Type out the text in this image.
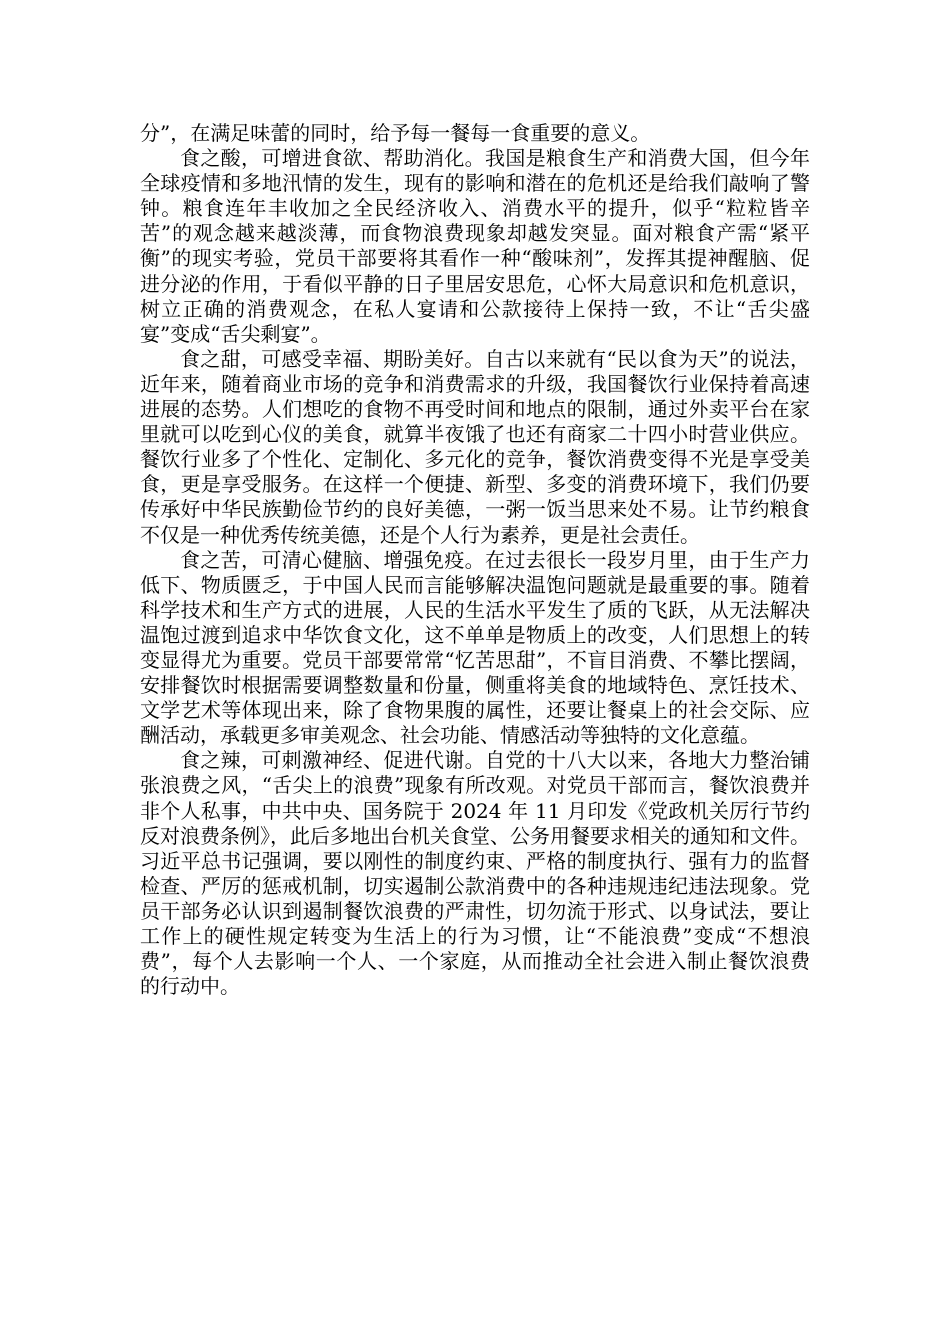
分”，在满足味蕾的同时，给予每一餐每一食重要的意义。

食之酸，可增进食欲、帮助消化。我国是粮食生产和消费大国，但今年全球疫情和多地汛情的发生，现有的影响和潜在的危机还是给我们敲响了警钟。粮食连年丰收加之全民经济收入、消费水平的提升，似乎“粒粒皆辛苦”的观念越来越淡薄，而食物浪费现象却越发突显。面对粮食产需“紧平衡”的现实考验，党员干部要将其看作一种“酸味剂”，发挥其提神醒脑、促进分泌的作用，于看似平静的日子里居安思危，心怀大局意识和危机意识，树立正确的消费观念，在私人宴请和公款接待上保持一致，不让“舌尖盛宴”变成“舌尖剩宴”。

食之甜，可感受幸福、期盼美好。自古以来就有“民以食为天”的说法，近年来，随着商业市场的竞争和消费需求的升级，我国餐饮行业保持着高速进展的态势。人们想吃的食物不再受时间和地点的限制，通过外卖平台在家里就可以吃到心仪的美食，就算半夜饿了也还有商家二十四小时营业供应。餐饮行业多了个性化、定制化、多元化的竞争，餐饮消费变得不光是享受美食，更是享受服务。在这样一个便捷、新型、多变的消费环境下，我们仍要传承好中华民族勤俭节约的良好美德，一粥一饭当思来处不易。让节约粮食不仅是一种优秀传统美德，还是个人行为素养，更是社会责任。

食之苦，可清心健脑、增强免疫。在过去很长一段岁月里，由于生产力低下、物质匮乏，于中国人民而言能够解决温饱问题就是最重要的事。随着科学技术和生产方式的进展，人民的生活水平发生了质的飞跃，从无法解决温饱过渡到追求中华饮食文化，这不单单是物质上的改变，人们思想上的转变显得尤为重要。党员干部要常常“忆苦思甜”，不盲目消费、不攀比摆阔，安排餐饮时根据需要调整数量和份量，侧重将美食的地域特色、烹饪技术、文学艺术等体现出来，除了食物果腹的属性，还要让餐桌上的社会交际、应酬活动，承载更多审美观念、社会功能、情感活动等独特的文化意蕴。

食之辣，可刺激神经、促进代谢。自党的十八大以来，各地大力整治铺张浪费之风，“舌尖上的浪费”现象有所改观。对党员干部而言，餐饮浪费并非个人私事，中共中央、国务院于 2024 年 11 月印发《党政机关厉行节约反对浪费条例》，此后多地出台机关食堂、公务用餐要求相关的通知和文件。习近平总书记强调，要以刚性的制度约束、严格的制度执行、强有力的监督检查、严厉的惩戒机制，切实遏制公款消费中的各种违规违纪违法现象。党员干部务必认识到遏制餐饮浪费的严肃性，切勿流于形式、以身试法，要让工作上的硬性规定转变为生活上的行为习惯，让“不能浪费”变成“不想浪费”，每个人去影响一个人、一个家庭，从而推动全社会进入制止餐饮浪费的行动中。
